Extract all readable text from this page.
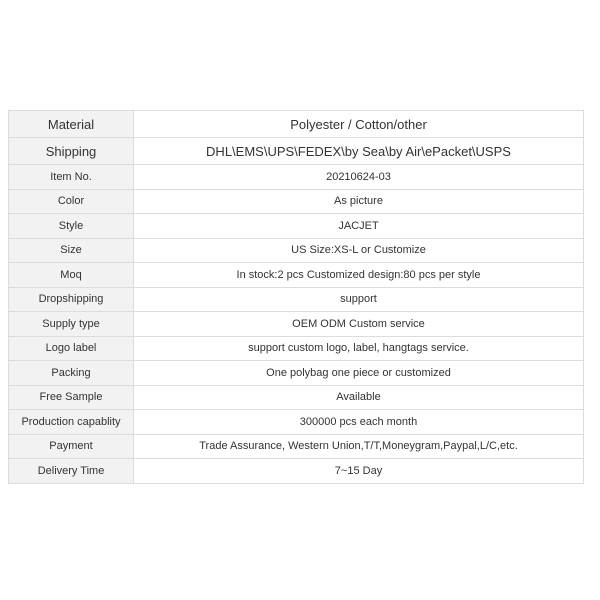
Material	Polyester / Cotton/other
Shipping	DHL\EMS\UPS\FEDEX\by Sea\by Air\ePacket\USPS
Item No.	20210624-03
Color	As picture
Style	JACJET
Size	US Size:XS-L or Customize
Moq	In stock:2 pcs Customized design:80 pcs per style
Dropshipping	support
Supply type	OEM ODM Custom service
Logo label	support custom logo, label, hangtags service.
Packing	One polybag one piece or customized
Free Sample	Available
Production capablity	300000 pcs each month
Payment	Trade Assurance, Western Union,T/T,Moneygram,Paypal,L/C,etc.
Delivery Time	7~15 Day
